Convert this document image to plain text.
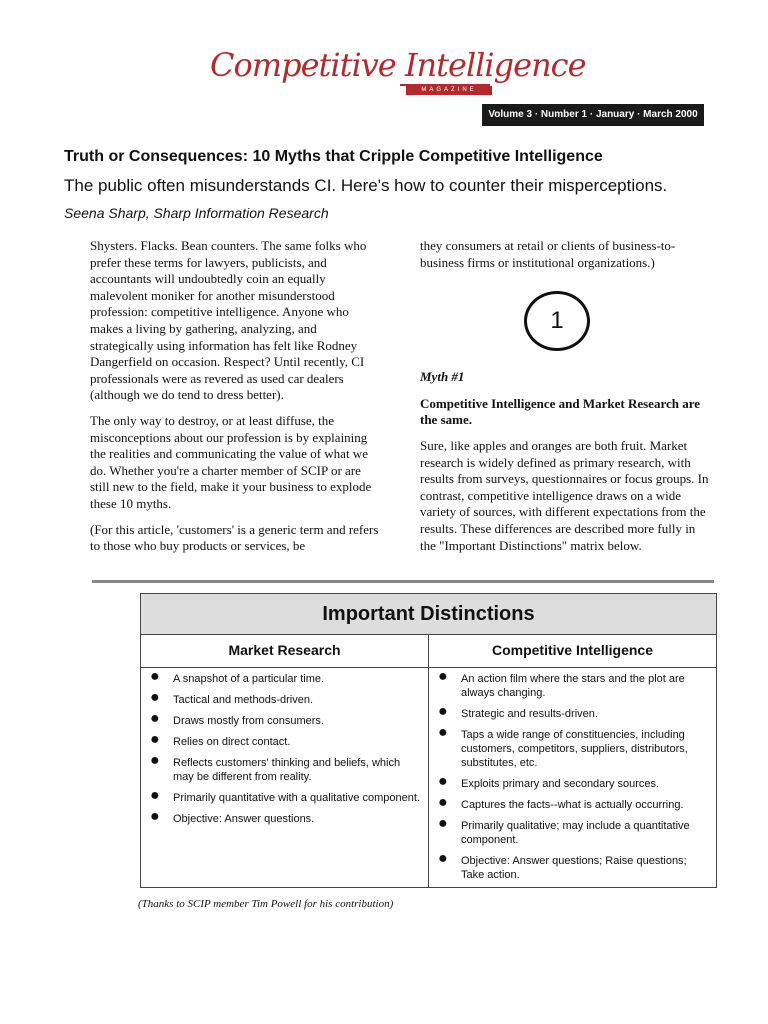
Competitive Intelligence
MAGAZINE
Volume 3 · Number 1 · January · March 2000
Truth or Consequences: 10 Myths that Cripple Competitive Intelligence
The public often misunderstands CI. Here's how to counter their misperceptions.
Seena Sharp, Sharp Information Research

Shysters. Flacks. Bean counters. The same folks who prefer these terms for lawyers, publicists, and accountants will undoubtedly coin an equally malevolent moniker for another misunderstood profession: competitive intelligence. Anyone who makes a living by gathering, analyzing, and strategically using information has felt like Rodney Dangerfield on occasion. Respect? Until recently, CI professionals were as revered as used car dealers (although we do tend to dress better).

The only way to destroy, or at least diffuse, the misconceptions about our profession is by explaining the realities and communicating the value of what we do. Whether you're a charter member of SCIP or are still new to the field, make it your business to explode these 10 myths.

(For this article, 'customers' is a generic term and refers to those who buy products or services, be

they consumers at retail or clients of business-to-business firms or institutional organizations.)

1

Myth #1

Competitive Intelligence and Market Research are the same.

Sure, like apples and oranges are both fruit. Market research is widely defined as primary research, with results from surveys, questionnaires or focus groups. In contrast, competitive intelligence draws on a wide variety of sources, with different expectations from the results. These differences are described more fully in the "Important Distinctions" matrix below.

Important Distinctions
Market Research	Competitive Intelligence
● A snapshot of a particular time.
● Tactical and methods-driven.
● Draws mostly from consumers.
● Relies on direct contact.
● Reflects customers' thinking and beliefs, which may be different from reality.
● Primarily quantitative with a qualitative component.
● Objective: Answer questions.
● An action film where the stars and the plot are always changing.
● Strategic and results-driven.
● Taps a wide range of constituencies, including customers, competitors, suppliers, distributors, substitutes, etc.
● Exploits primary and secondary sources.
● Captures the facts--what is actually occurring.
● Primarily qualitative; may include a quantitative component.
● Objective: Answer questions; Raise questions; Take action.
(Thanks to SCIP member Tim Powell for his contribution)
